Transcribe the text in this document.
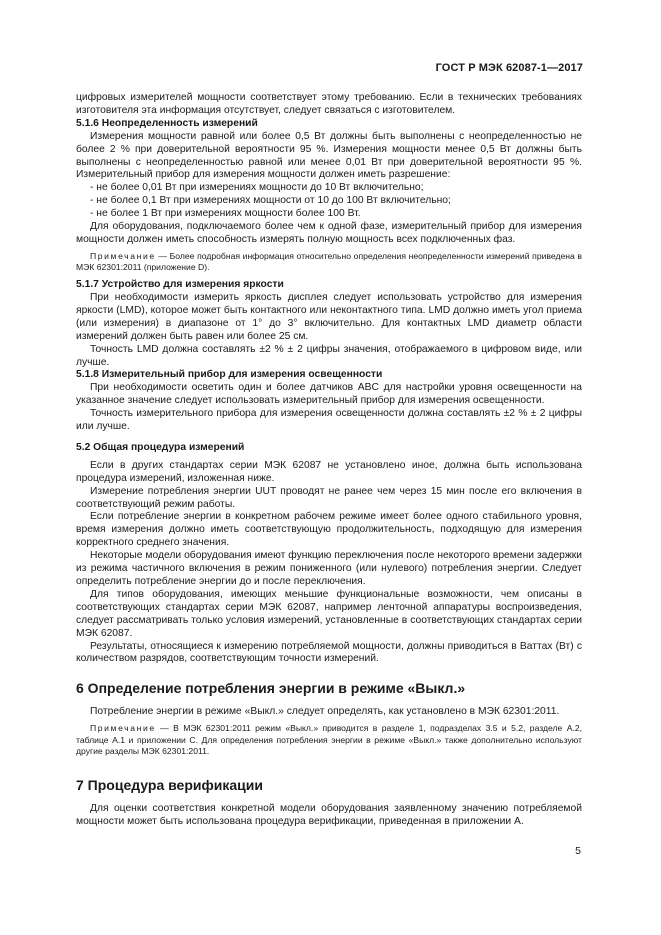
ГОСТ Р МЭК 62087-1—2017

цифровых измерителей мощности соответствует этому требованию. Если в технических требованиях изготовителя эта информация отсутствует, следует связаться с изготовителем.

5.1.6 Неопределенность измерений

Измерения мощности равной или более 0,5 Вт должны быть выполнены с неопределенностью не более 2 % при доверительной вероятности 95 %. Измерения мощности менее 0,5 Вт должны быть выполнены с неопределенностью равной или менее 0,01 Вт при доверительной вероятности 95 %. Измерительный прибор для измерения мощности должен иметь разрешение:

- не более 0,01 Вт при измерениях мощности до 10 Вт включительно;

- не более 0,1 Вт при измерениях мощности от 10 до 100 Вт включительно;

- не более 1 Вт при измерениях мощности более 100 Вт.

Для оборудования, подключаемого более чем к одной фазе, измерительный прибор для измерения мощности должен иметь способность измерять полную мощность всех подключенных фаз.

Примечание — Более подробная информация относительно определения неопределенности измерений приведена в МЭК 62301:2011 (приложение D).

5.1.7 Устройство для измерения яркости

При необходимости измерить яркость дисплея следует использовать устройство для измерения яркости (LMD), которое может быть контактного или неконтактного типа. LMD должно иметь угол приема (или измерения) в диапазоне от 1° до 3° включительно. Для контактных LMD диаметр области измерений должен быть равен или более 25 см.

Точность LMD должна составлять ±2 % ± 2 цифры значения, отображаемого в цифровом виде, или лучше.

5.1.8 Измерительный прибор для измерения освещенности

При необходимости осветить один и более датчиков ABC для настройки уровня освещенности на указанное значение следует использовать измерительный прибор для измерения освещенности.

Точность измерительного прибора для измерения освещенности должна составлять ±2 % ± 2 цифры или лучше.

5.2 Общая процедура измерений

Если в других стандартах серии МЭК 62087 не установлено иное, должна быть использована процедура измерений, изложенная ниже.

Измерение потребления энергии UUT проводят не ранее чем через 15 мин после его включения в соответствующий режим работы.

Если потребление энергии в конкретном рабочем режиме имеет более одного стабильного уровня, время измерения должно иметь соответствующую продолжительность, подходящую для измерения корректного среднего значения.

Некоторые модели оборудования имеют функцию переключения после некоторого времени задержки из режима частичного включения в режим пониженного (или нулевого) потребления энергии. Следует определить потребление энергии до и после переключения.

Для типов оборудования, имеющих меньшие функциональные возможности, чем описаны в соответствующих стандартах серии МЭК 62087, например ленточной аппаратуры воспроизведения, следует рассматривать только условия измерений, установленные в соответствующих стандартах серии МЭК 62087.

Результаты, относящиеся к измерению потребляемой мощности, должны приводиться в Ваттах (Вт) с количеством разрядов, соответствующим точности измерений.

6 Определение потребления энергии в режиме «Выкл.»

Потребление энергии в режиме «Выкл.» следует определять, как установлено в МЭК 62301:2011.

Примечание — В МЭК 62301:2011 режим «Выкл.» приводится в разделе 1, подразделах 3.5 и 5.2, разделе A.2, таблице A.1 и приложении C. Для определения потребления энергии в режиме «Выкл.» также дополнительно используют другие разделы МЭК 62301:2011.

7 Процедура верификации

Для оценки соответствия конкретной модели оборудования заявленному значению потребляемой мощности может быть использована процедура верификации, приведенная в приложении A.

5
